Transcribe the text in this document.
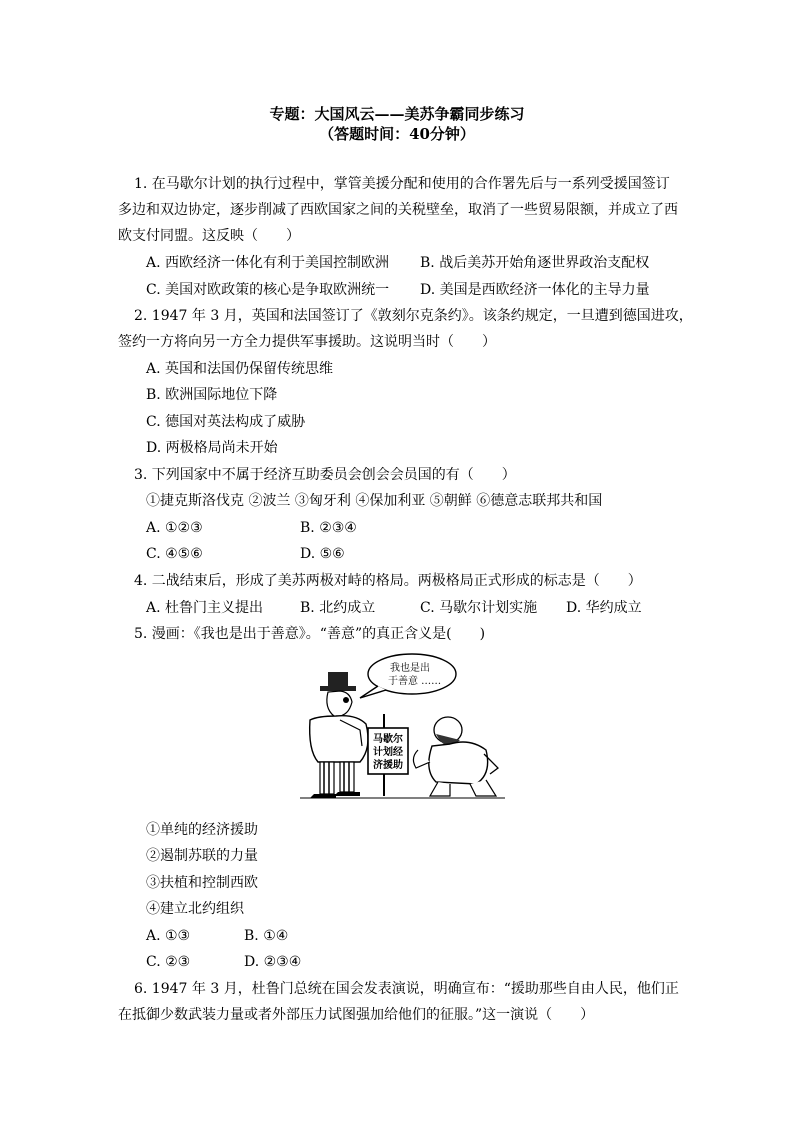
专题：大国风云——美苏争霸同步练习
（答题时间：40分钟）
1. 在马歇尔计划的执行过程中，掌管美援分配和使用的合作署先后与一系列受援国签订
多边和双边协定，逐步削减了西欧国家之间的关税壁垒，取消了一些贸易限额，并成立了西
欧支付同盟。这反映（　　）
A. 西欧经济一体化有利于美国控制欧洲 B. 战后美苏开始角逐世界政治支配权
C. 美国对欧政策的核心是争取欧洲统一 D. 美国是西欧经济一体化的主导力量
2. 1947 年 3 月，英国和法国签订了《敦刻尔克条约》。该条约规定，一旦遭到德国进攻，
签约一方将向另一方全力提供军事援助。这说明当时（　　）
A. 英国和法国仍保留传统思维
B. 欧洲国际地位下降
C. 德国对英法构成了威胁
D. 两极格局尚未开始
3. 下列国家中不属于经济互助委员会创会会员国的有（　　）
①捷克斯洛伐克 ②波兰 ③匈牙利 ④保加利亚 ⑤朝鲜 ⑥德意志联邦共和国
A. ①②③	B. ②③④
C. ④⑤⑥	D. ⑤⑥
4. 二战结束后，形成了美苏两极对峙的格局。两极格局正式形成的标志是（　　）
A. 杜鲁门主义提出	B. 北约成立	C. 马歇尔计划实施 D. 华约成立
5. 漫画：《我也是出于善意》。“善意”的真正含义是(　　)
我也是出
于善意 ……
马歇尔
计划经
济援助
①单纯的经济援助
②遏制苏联的力量
③扶植和控制西欧
④建立北约组织
A. ①③	B. ①④
C. ②③	D. ②③④
6. 1947 年 3 月，杜鲁门总统在国会发表演说，明确宣布：“援助那些自由人民，他们正
在抵御少数武装力量或者外部压力试图强加给他们的征服。”这一演说（　　）
